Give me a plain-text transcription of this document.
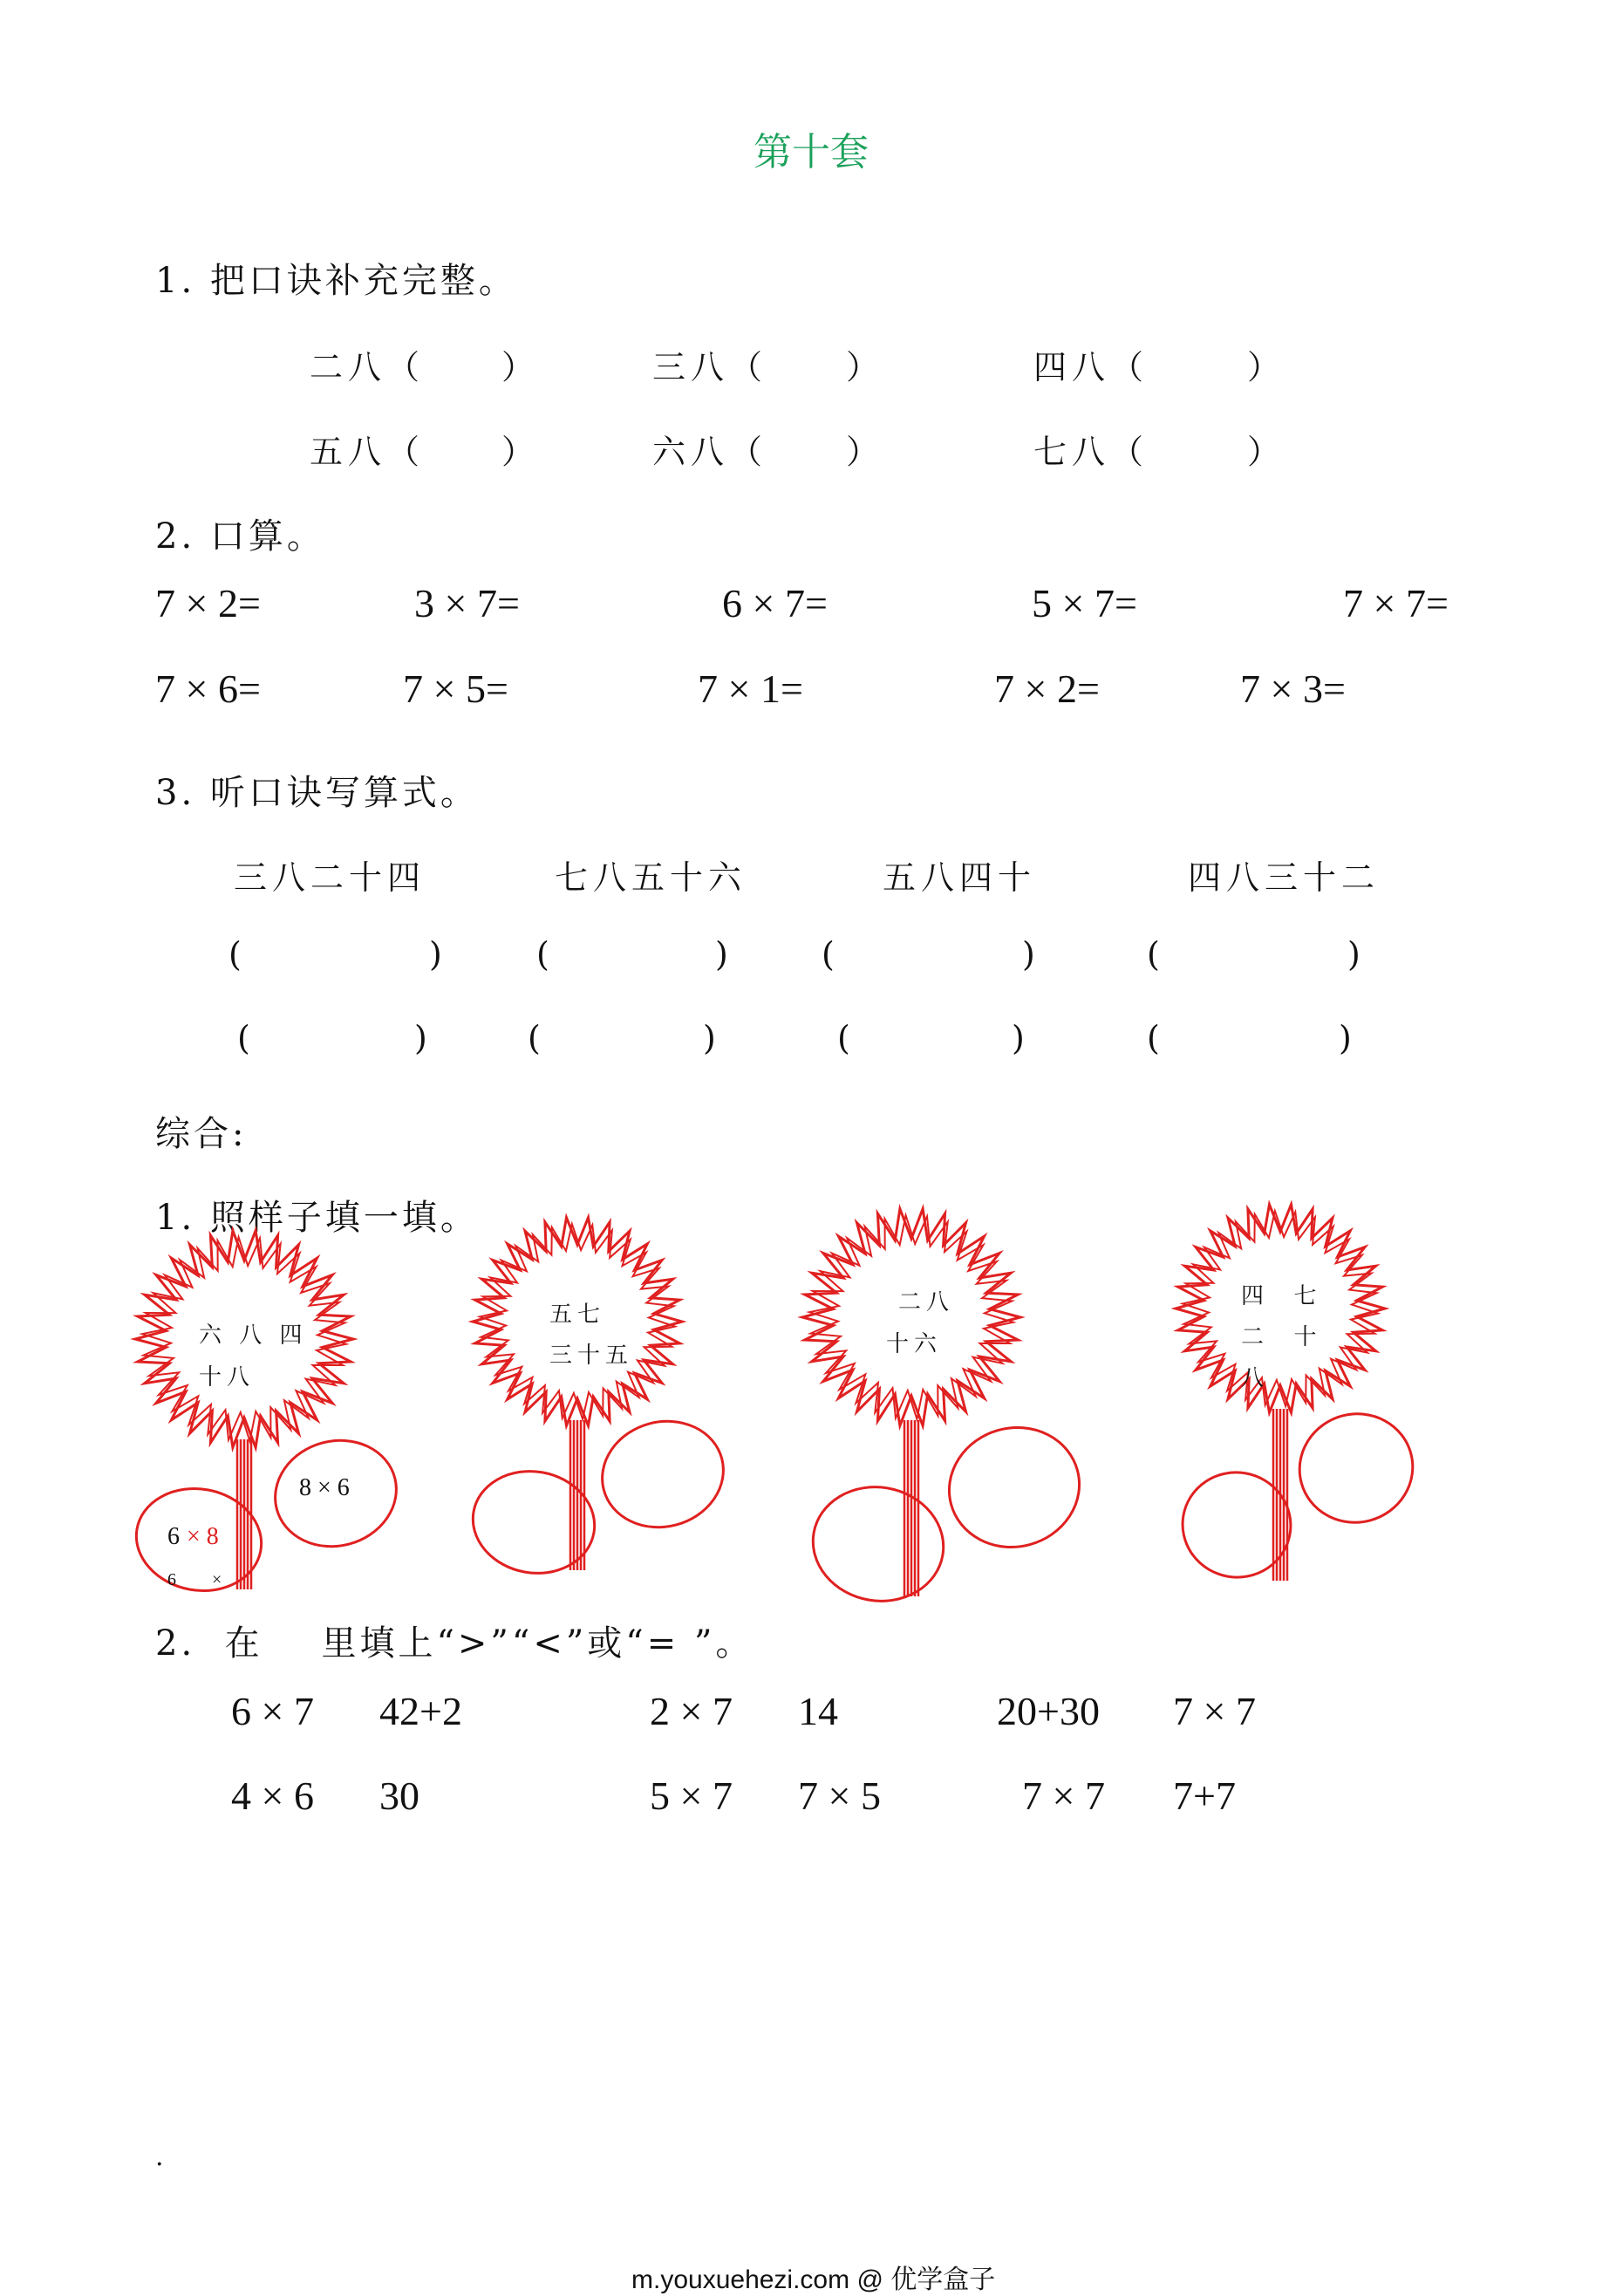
第十套
1. 把口诀补充完整。
二八（ ）	三八（ ）	四八（	）
五八（ ）	六八（ ）	七八（	）
2. 口算。
7 × 2=	3 × 7=	6 × 7=	5 × 7=	7 × 7=
7 × 6=	7 × 5=	7 × 1=	7 × 2=	7 × 3=
3. 听口诀写算式。
三八二十四	七八五十六	五八四十	四八三十二
(	)	(	)	(	)	(	)
(	)	(	)	(	)	(	)
综合:
1. 照样子填一填。
六 八 四
十八
8 × 6
6 × 8
6 ×
五七
三十五
二八
十六
四  七
二  十
八
2.  在    里填上“>”“<”或“= ”。
6 × 7 42+2	2 × 7 14	20+30 7 × 7
4 × 6 30	5 × 7 7 × 5	7 × 7 7+7
.
m.youxuehezi.com @ 优学盒子
